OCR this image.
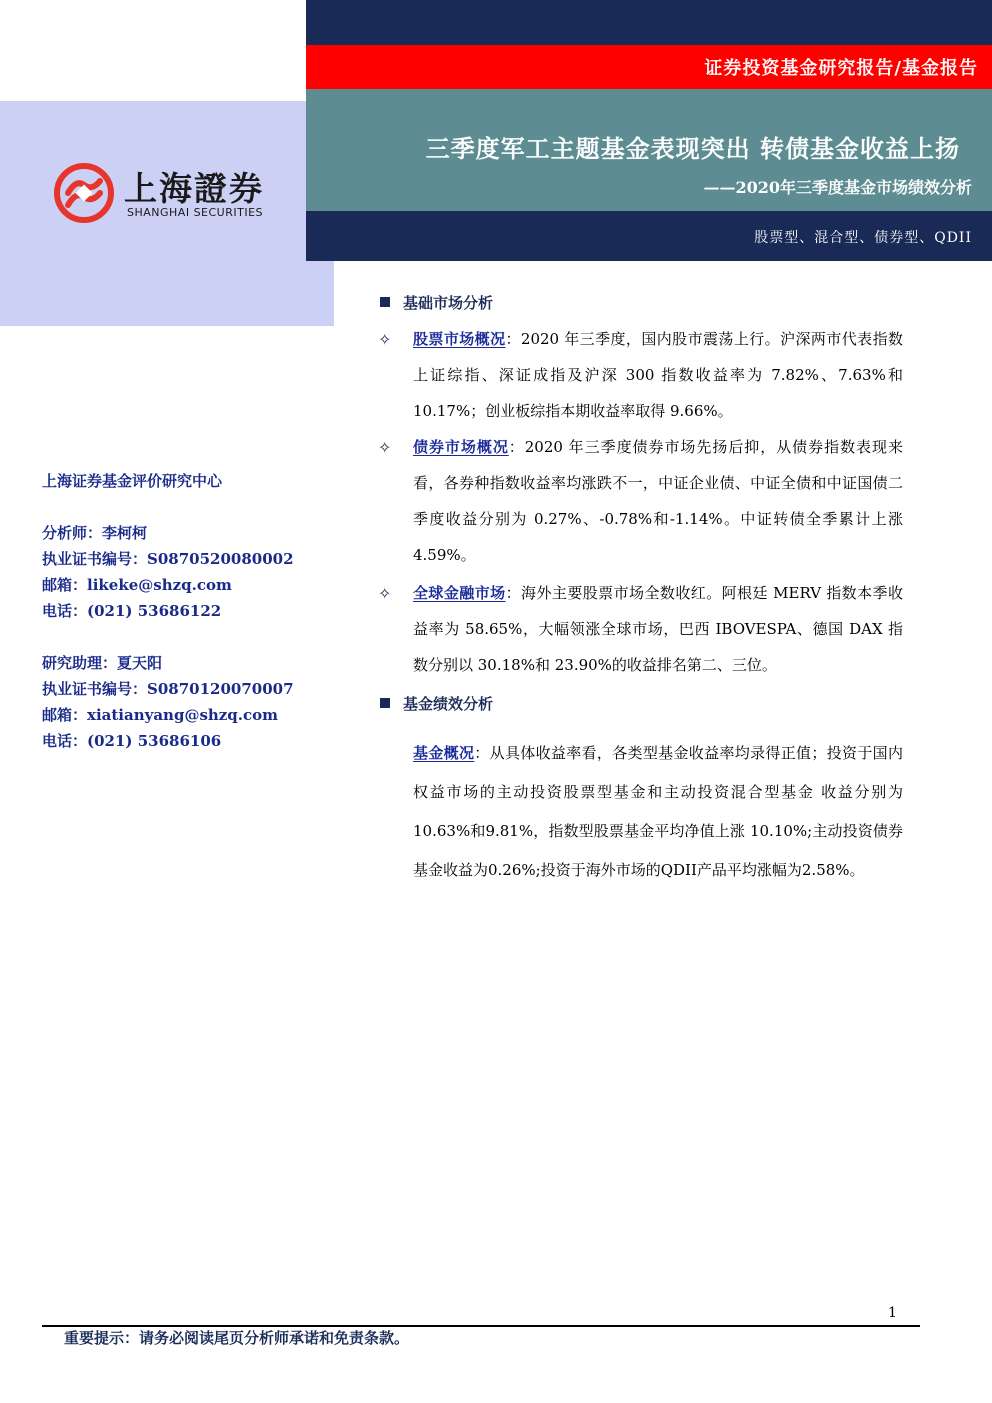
证券投资基金研究报告/基金报告
三季度军工主题基金表现突出 转债基金收益上扬
——2020年三季度基金市场绩效分析
股票型、混合型、债券型、QDII
上海證券
SHANGHAI SECURITIES
上海证券基金评价研究中心
分析师：李柯柯
执业证书编号：S0870520080002
邮箱：likeke@shzq.com
电话：(021) 53686122
研究助理：夏天阳
执业证书编号：S0870120070007
邮箱：xiatianyang@shzq.com
电话：(021) 53686106
基础市场分析
✧ 股票市场概况：2020 年三季度，国内股市震荡上行。沪深两市代表指数上证综指、深证成指及沪深 300 指数收益率为 7.82%、7.63%和 10.17%；创业板综指本期收益率取得 9.66%。
✧ 债券市场概况：2020 年三季度债券市场先扬后抑，从债券指数表现来看，各券种指数收益率均涨跌不一，中证企业债、中证全债和中证国债二季度收益分别为 0.27%、-0.78%和-1.14%。中证转债全季累计上涨 4.59%。
✧ 全球金融市场：海外主要股票市场全数收红。阿根廷 MERV 指数本季收益率为 58.65%，大幅领涨全球市场，巴西 IBOVESPA、德国 DAX 指数分别以 30.18%和 23.90%的收益排名第二、三位。
基金绩效分析
基金概况：从具体收益率看，各类型基金收益率均录得正值；投资于国内权益市场的主动投资股票型基金和主动投资混合型基金 收益分别为10.63%和9.81%，指数型股票基金平均净值上涨 10.10%;主动投资债券基金收益为0.26%;投资于海外市场的QDII产品平均涨幅为2.58%。
1
重要提示：请务必阅读尾页分析师承诺和免责条款。
